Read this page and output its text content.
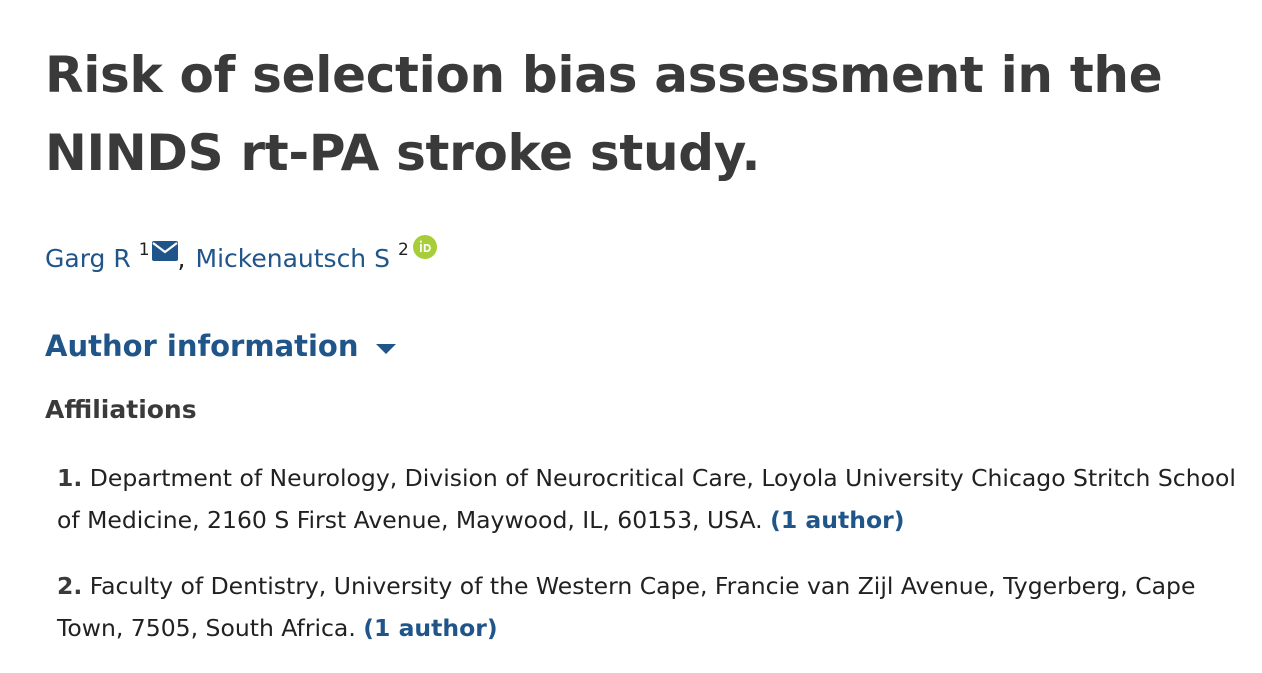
Risk of selection bias assessment in the NINDS rt-PA stroke study.
Garg R 1 , Mickenautsch S 2
Author information
Affiliations
1. Department of Neurology, Division of Neurocritical Care, Loyola University Chicago Stritch School of Medicine, 2160 S First Avenue, Maywood, IL, 60153, USA. (1 author)
2. Faculty of Dentistry, University of the Western Cape, Francie van Zijl Avenue, Tygerberg, Cape Town, 7505, South Africa. (1 author)
